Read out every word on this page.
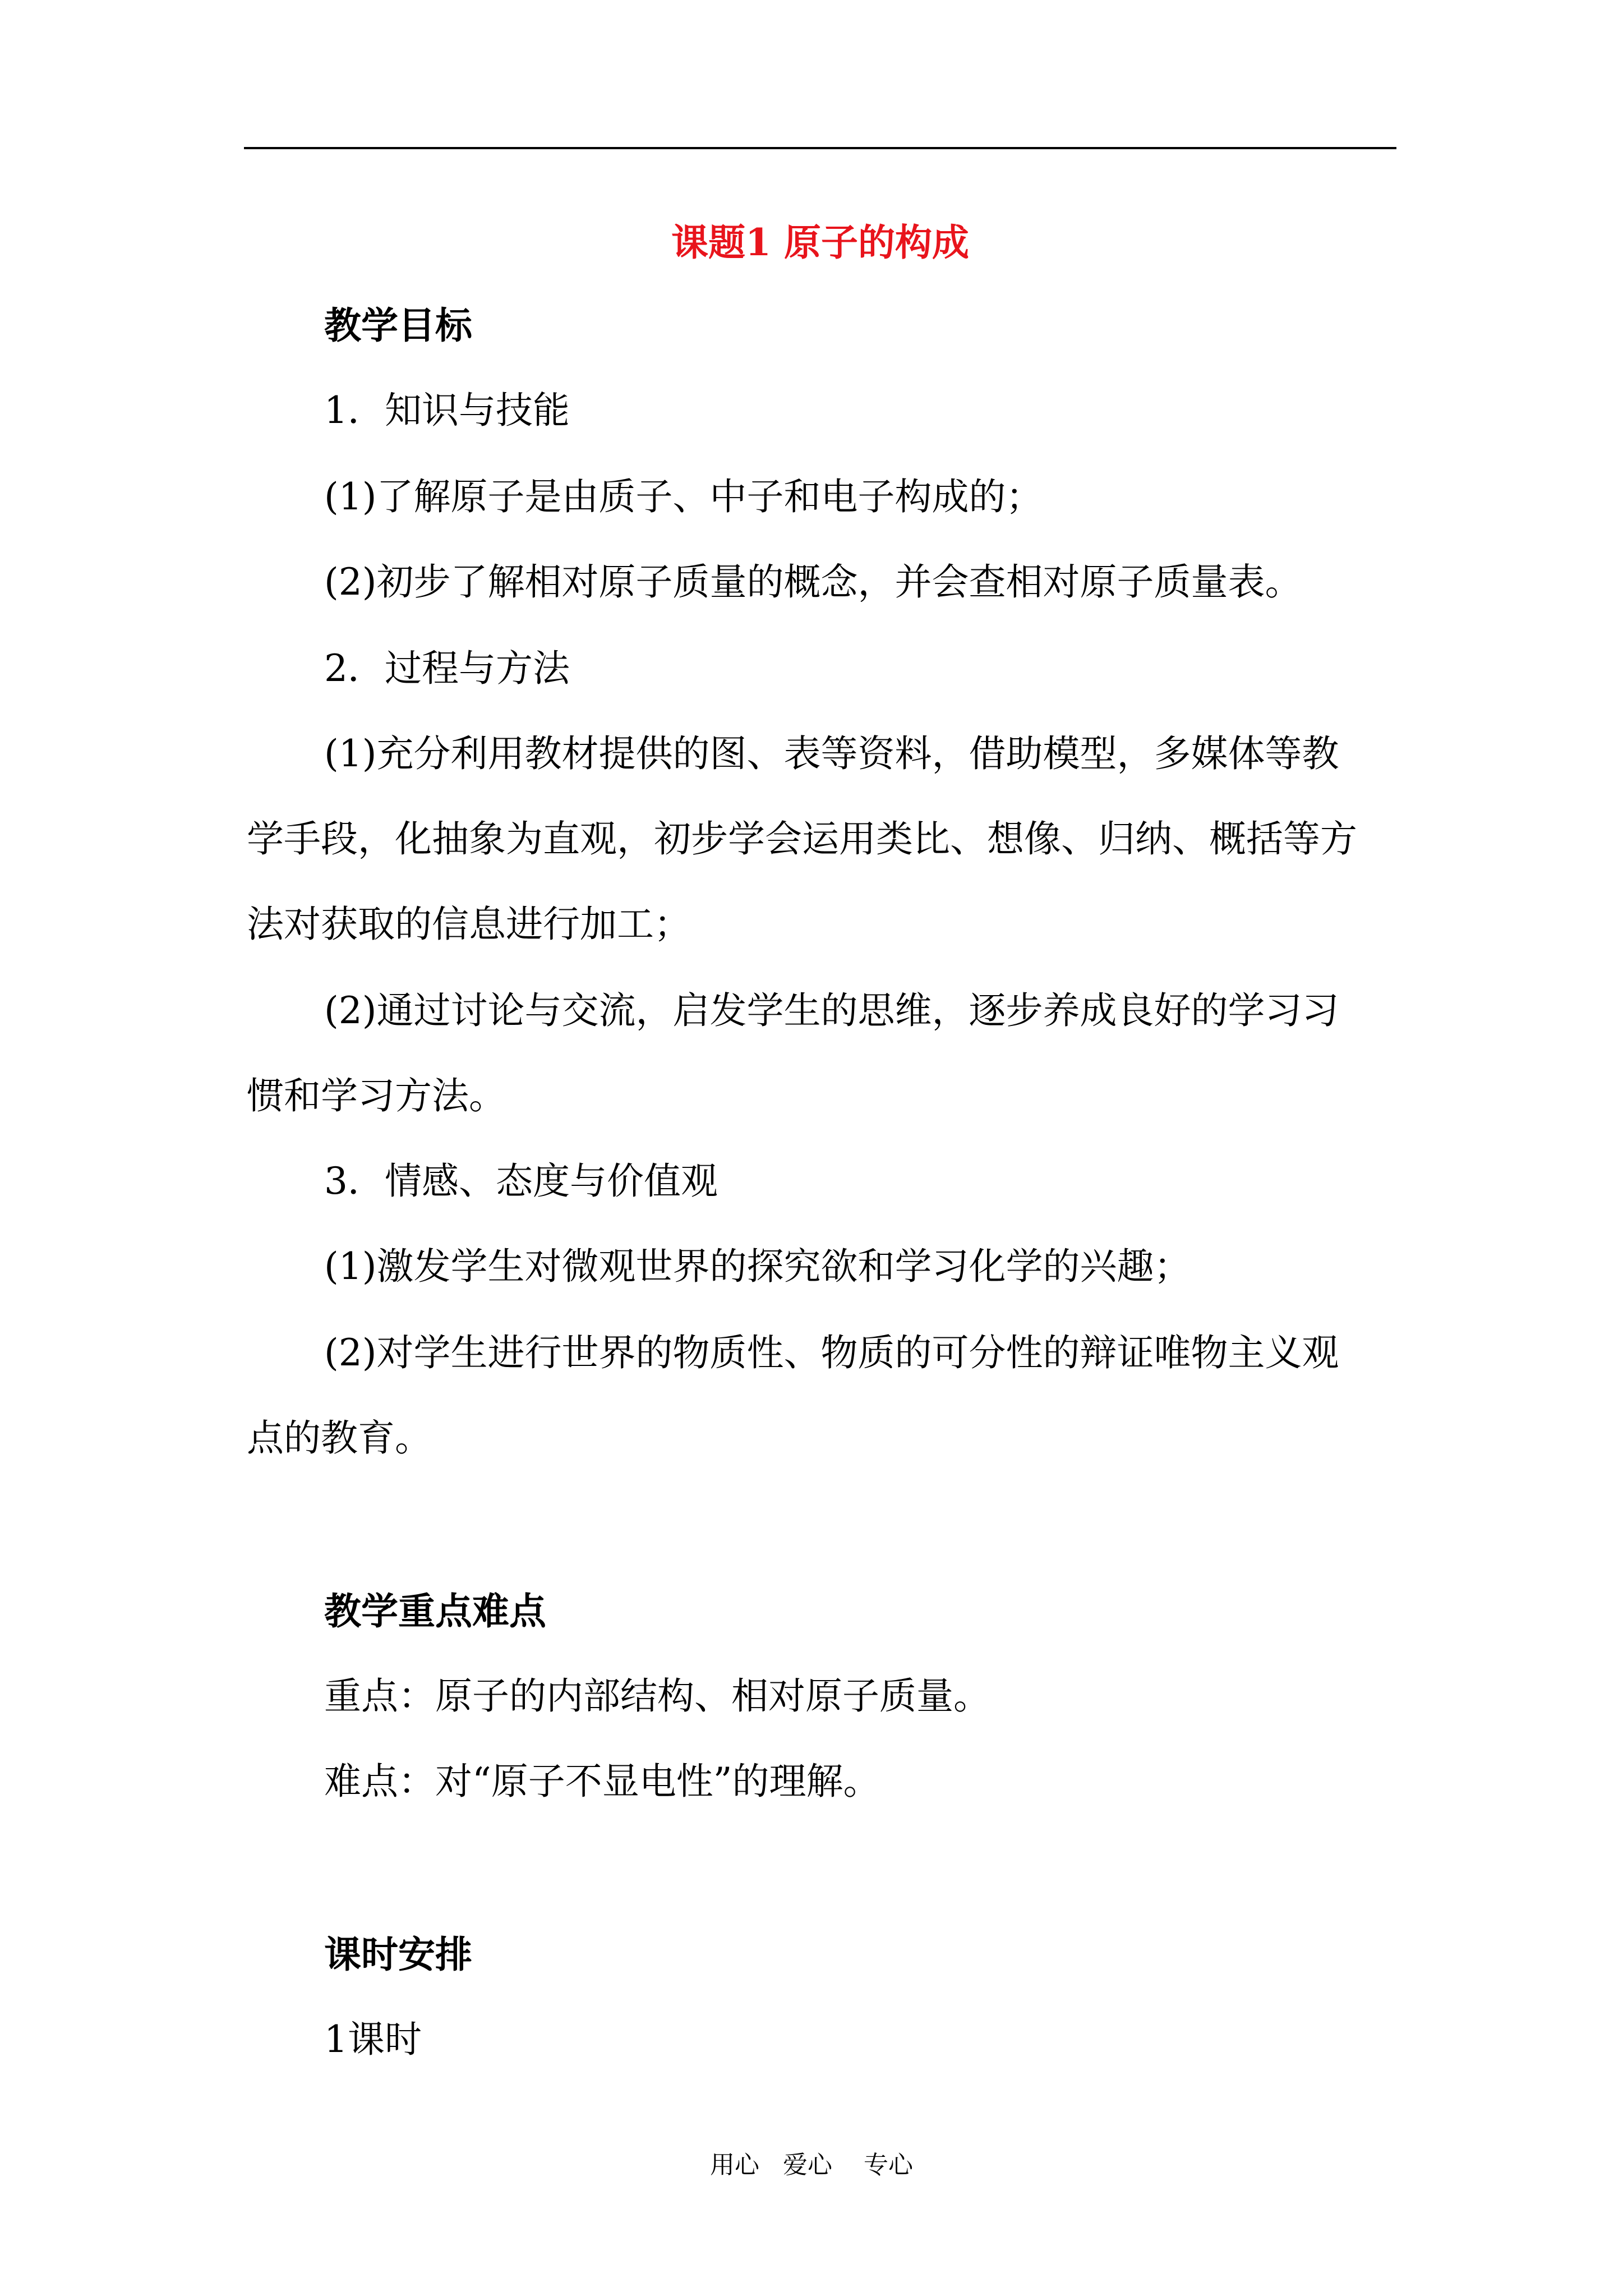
课题1 原子的构成
教学目标
1．知识与技能
(1)了解原子是由质子、中子和电子构成的；
(2)初步了解相对原子质量的概念，并会查相对原子质量表。
2．过程与方法
(1)充分利用教材提供的图、表等资料，借助模型，多媒体等教
学手段，化抽象为直观，初步学会运用类比、想像、归纳、概括等方
法对获取的信息进行加工；
(2)通过讨论与交流，启发学生的思维，逐步养成良好的学习习
惯和学习方法。
3．情感、态度与价值观
(1)激发学生对微观世界的探究欲和学习化学的兴趣；
(2)对学生进行世界的物质性、物质的可分性的辩证唯物主义观
点的教育。
教学重点难点
重点：原子的内部结构、相对原子质量。
难点：对“原子不显电性”的理解。
课时安排
1课时
用心   爱心    专心
